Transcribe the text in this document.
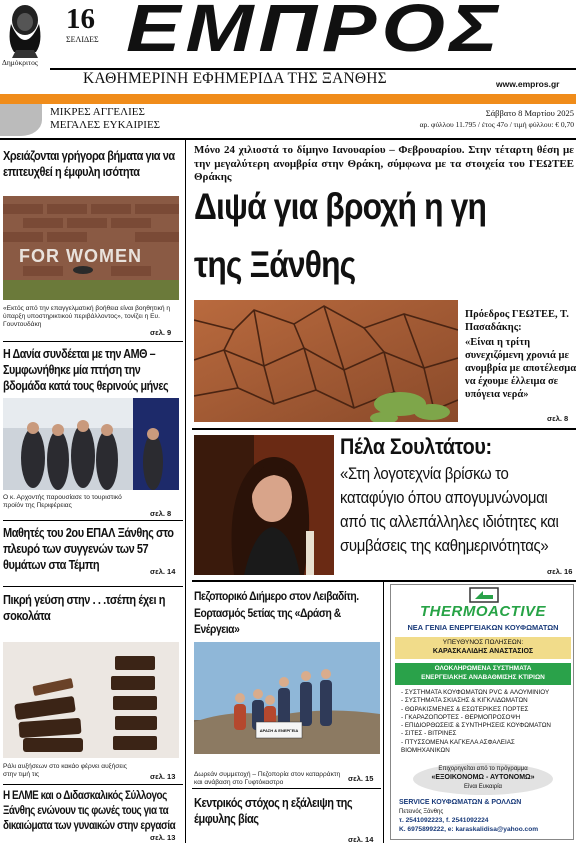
Δημόκριτος
16
ΣΕΛΙΔΕΣ ΕΜΠΡΟΣ
ΚΑΘΗΜΕΡΙΝΗ ΕΦΗΜΕΡΙΔΑ ΤΗΣ ΞΑΝΘΗΣ	www.empros.gr
ΜΙΚΡΕΣ ΑΓΓΕΛΙΕΣ
ΜΕΓΑΛΕΣ ΕΥΚΑΙΡΙΕΣ
Σάββατο 8 Μαρτίου 2025
αρ. φύλλου 11.795 / έτος 47ο / τιμή φύλλου: € 0,70
Χρειάζονται γρήγορα βήματα για να επιτευχθεί η έμφυλη ισότητα
FOR WOMEN
«Εκτός από την επαγγελματική βοήθεια είναι βοηθητική η ύπαρξη υποστηρικτικού περιβάλλοντος», τονίζει η Ευ. Γουντουδάκη
σελ. 9
Η Δανία συνδέεται με την ΑΜΘ – Συμφωνήθηκε μία πτήση την βδομάδα κατά τους θερινούς μήνες
Ο κ. Αρχοντής παρουσίασε το τουριστικό προϊόν της Περιφέρειας
σελ. 8
Μαθητές του 2ου ΕΠΑΛ Ξάνθης στο πλευρό των συγγενών των 57 θυμάτων στα Τέμπη	σελ. 14
Πικρή γεύση στην . . .τσέπη έχει η σοκολάτα
Ράλι αυξήσεων στο κακάο φέρνει αυξήσεις στην τιμή τις	σελ. 13
Η ΕΛΜΕ και ο Διδασκαλικός Σύλλογος Ξάνθης ενώνουν τις φωνές τους για τα δικαιώματα των γυναικών στην εργασία
σελ. 13
Μόνο 24 χιλιοστά το δίμηνο Ιανουαρίου – Φεβρουαρίου. Στην τέταρτη θέση με την μεγαλύτερη ανομβρία στην Θράκη, σύμφωνα με τα στοιχεία του ΓΕΩΤΕΕ Θράκης
Διψά για βροχή η γη
της Ξάνθης
Πρόεδρος ΓΕΩΤΕΕ, Τ. Πασαδάκης:
«Είναι η τρίτη συνεχιζόμενη χρονιά με ανομβρία με αποτέλεσμα να έχουμε έλλειμα σε υπόγεια νερά»
σελ. 8
Πέλα Σουλτάτου:
«Στη λογοτεχνία βρίσκω το καταφύγιο όπου απογυμνώνομαι από τις αλλεπάλληλες ιδιότητες και συμβάσεις της καθημερινότητας»
σελ. 16
Πεζοπορικό Διήμερο στον Λειβαδίτη. Εορτασμός 5ετίας της «Δράση & Ενέργεια»
ΔΡΑΣΗ & ΕΝΕΡΓΕΙΑ
Δωρεάν συμμετοχή – Πεζοπορία στον καταρράκτη και ανάβαση στο Γυφτόκαστρο	σελ. 15
Κεντρικός στόχος η εξάλειψη της έμφυλης βίας
σελ. 14
THERMOACTIVE
ΝΕΑ ΓΕΝΙΑ ΕΝΕΡΓΕΙΑΚΩΝ ΚΟΥΦΩΜΑΤΩΝ
ΥΠΕΥΘΥΝΟΣ ΠΩΛΗΣΕΩΝ:
ΚΑΡΑΣΚΑΛΙΔΗΣ ΑΝΑΣΤΑΣΙΟΣ
ΟΛΟΚΛΗΡΩΜΕΝΑ ΣΥΣΤΗΜΑΤΑ
ΕΝΕΡΓΕΙΑΚΗΣ ΑΝΑΒΑΘΜΙΣΗΣ ΚΤΙΡΙΩΝ
- ΣΥΣΤΗΜΑΤΑ ΚΟΥΦΩΜΑΤΩΝ PVC & ΑΛΟΥΜΙΝΙΟΥ
- ΣΥΣΤΗΜΑΤΑ ΣΚΙΑΣΗΣ & ΚΙΓΚΛΙΔΩΜΑΤΩΝ
- ΘΩΡΑΚΙΣΜΕΝΕΣ & ΕΣΩΤΕΡΙΚΕΣ ΠΟΡΤΕΣ
- ΓΚΑΡΑΖΟΠΟΡΤΕΣ - ΘΕΡΜΟΠΡΟΣΟΨΗ
- ΕΠΙΔΙΟΡΘΩΣΕΙΣ & ΣΥΝΤΗΡΗΣΕΙΣ ΚΟΥΦΩΜΑΤΩΝ
- ΣΙΤΕΣ - ΒΙΤΡΙΝΕΣ
- ΠΤΥΣΣΟΜΕΝΑ ΚΑΓΚΕΛΑ ΑΣΦΑΛΕΙΑΣ
ΒΙΟΜΗΧΑΝΙΚΩΝ
Επιχορηγείται από το πρόγραμμα
«ΕΞΟΙΚΟΝΟΜΩ - ΑΥΤΟΝΟΜΩ»
Είναι Ευκαιρία
SERVICE ΚΟΥΦΩΜΑΤΩΝ & ΡΟΛΛΩΝ
Πετεινός Ξάνθης
τ. 2541092223, f. 2541092224
Κ. 6975899222, e: karaskalidisa@yahoo.com
